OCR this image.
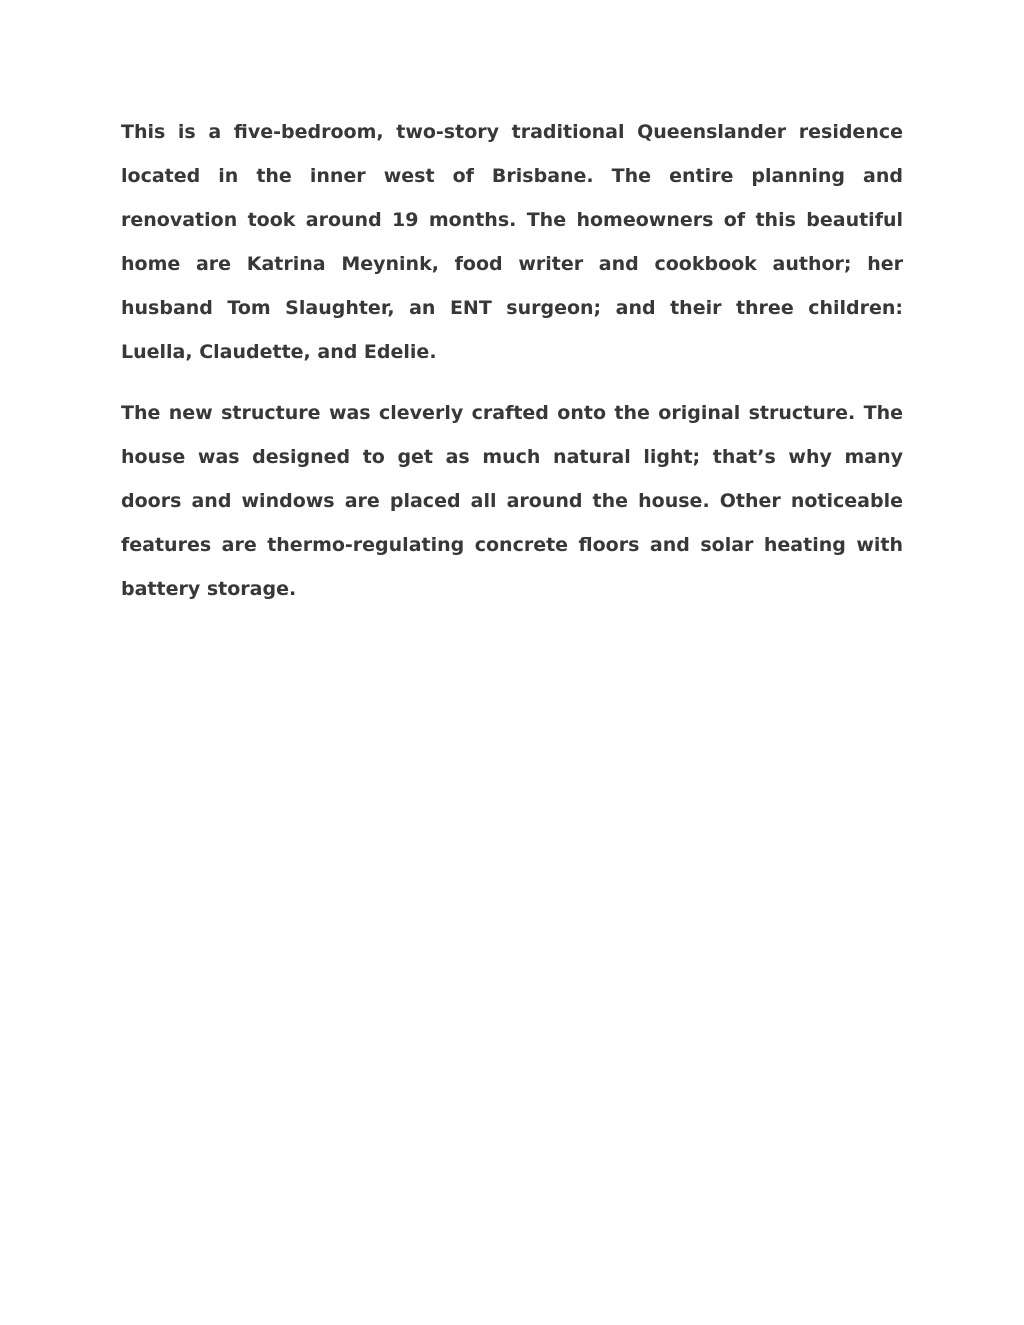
This is a five-bedroom, two-story traditional Queenslander residence located in the inner west of Brisbane. The entire planning and renovation took around 19 months. The homeowners of this beautiful home are Katrina Meynink, food writer and cookbook author; her husband Tom Slaughter, an ENT surgeon; and their three children: Luella, Claudette, and Edelie.

The new structure was cleverly crafted onto the original structure. The house was designed to get as much natural light; that’s why many doors and windows are placed all around the house. Other noticeable features are thermo-regulating concrete floors and solar heating with battery storage.
